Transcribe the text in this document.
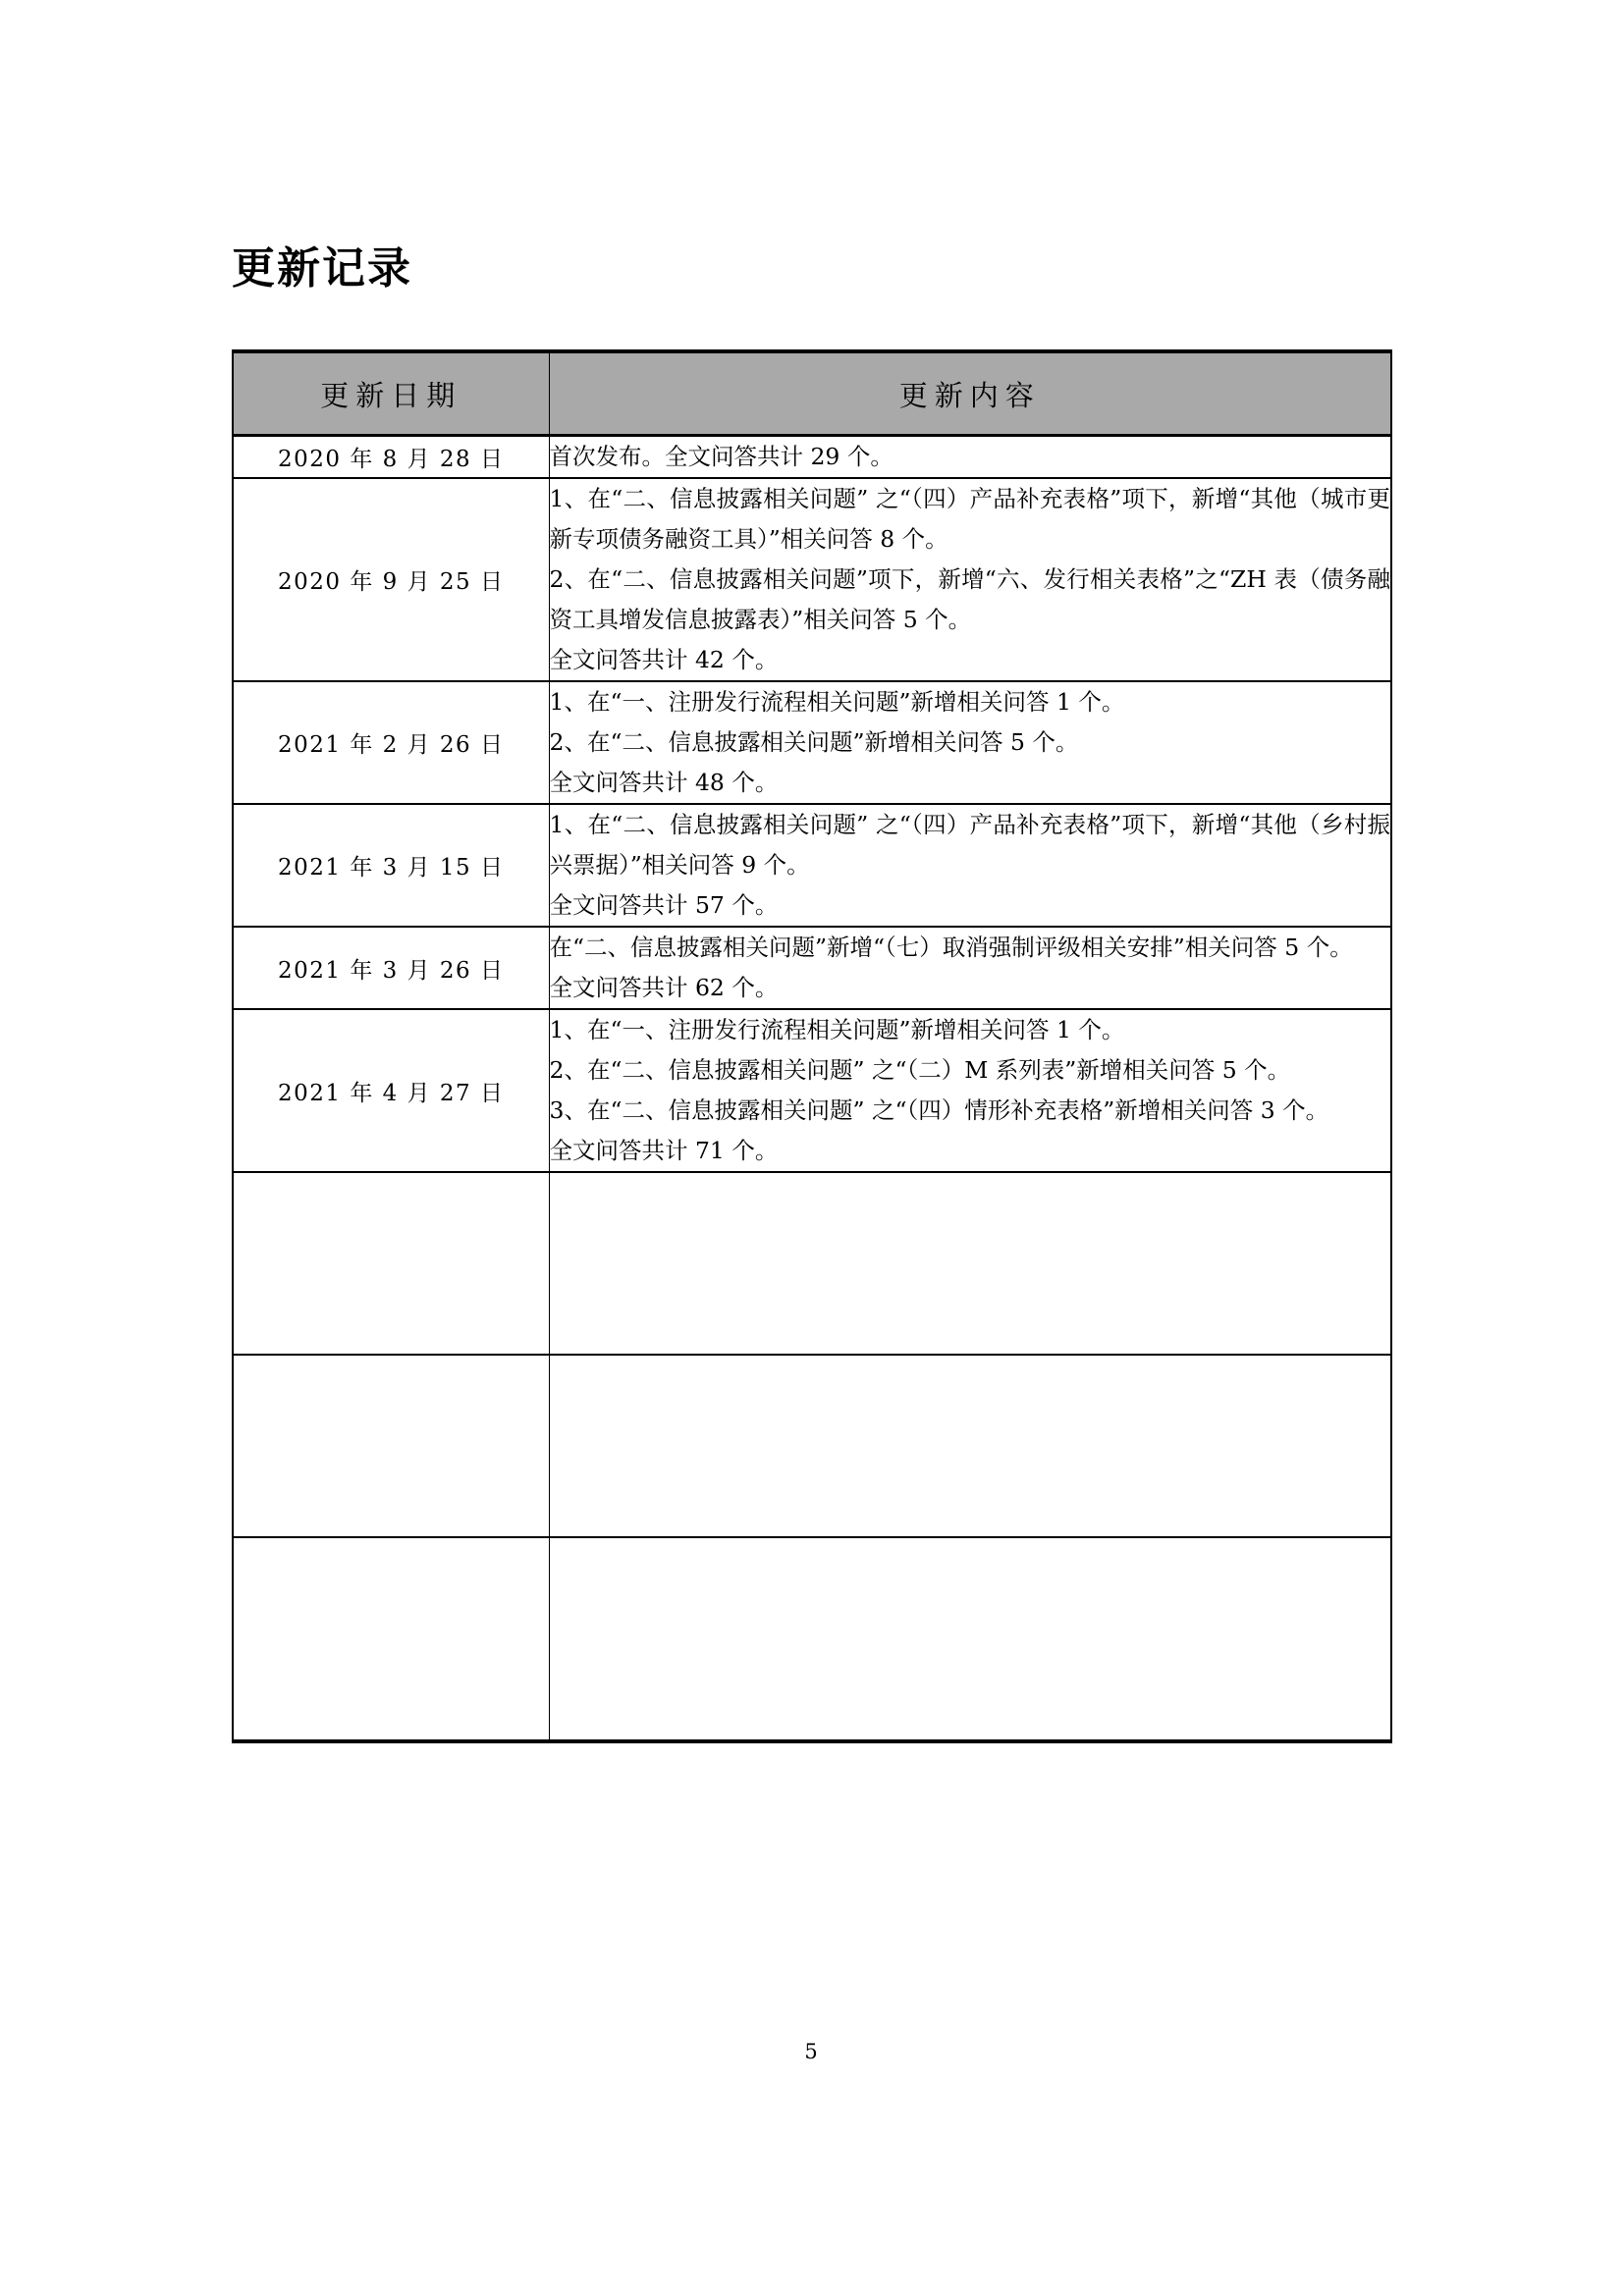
更新记录
更新日期	更新内容
2020 年 8 月 28 日	首次发布。全文问答共计 29 个。

2020 年 9 月 25 日	1、在“二、信息披露相关问题” 之“（四）产品补充表格”项下，新增“其他（城市更新专项债务融资工具）”相关问答 8 个。

2、在“二、信息披露相关问题”项下，新增“六、发行相关表格”之“ZH 表（债务融资工具增发信息披露表）”相关问答 5 个。

全文问答共计 42 个。

2021 年 2 月 26 日	1、在“一、注册发行流程相关问题”新增相关问答 1 个。

2、在“二、信息披露相关问题”新增相关问答 5 个。

全文问答共计 48 个。

2021 年 3 月 15 日	1、在“二、信息披露相关问题” 之“（四）产品补充表格”项下，新增“其他（乡村振兴票据）”相关问答 9 个。

全文问答共计 57 个。

2021 年 3 月 26 日	在“二、信息披露相关问题”新增“（七）取消强制评级相关安排”相关问答 5 个。

全文问答共计 62 个。

2021 年 4 月 27 日	1、在“一、注册发行流程相关问题”新增相关问答 1 个。

2、在“二、信息披露相关问题” 之“（二）M 系列表”新增相关问答 5 个。

3、在“二、信息披露相关问题” 之“（四）情形补充表格”新增相关问答 3 个。

全文问答共计 71 个。

5
